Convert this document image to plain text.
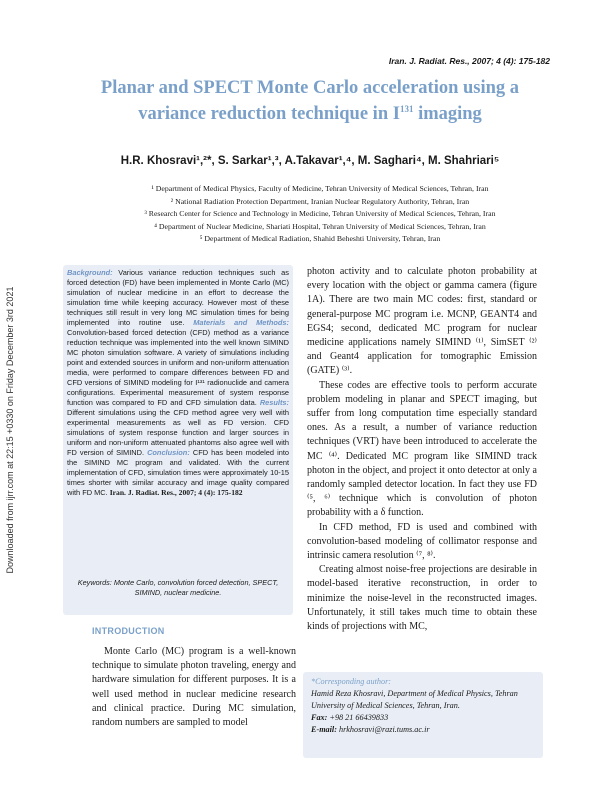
Iran. J. Radiat. Res., 2007; 4 (4): 175-182
Downloaded from ijrr.com at 22:15 +0330 on Friday December 3rd 2021
Planar and SPECT Monte Carlo acceleration using a variance reduction technique in $I^{131}$ imaging
H.R. Khosravi¹,²*, S. Sarkar¹,³, A.Takavar¹,⁴, M. Saghari⁴, M. Shahriari⁵
¹ Department of Medical Physics, Faculty of Medicine, Tehran University of Medical Sciences, Tehran, Iran
² National Radiation Protection Department, Iranian Nuclear Regulatory Authority, Tehran, Iran
³ Research Center for Science and Technology in Medicine, Tehran University of Medical Sciences, Tehran, Iran
⁴ Department of Nuclear Medicine, Shariati Hospital, Tehran University of Medical Sciences, Tehran, Iran
⁵ Department of Medical Radiation, Shahid Beheshti University, Tehran, Iran
Background: Various variance reduction techniques such as forced detection (FD) have been implemented in Monte Carlo (MC) simulation of nuclear medicine in an effort to decrease the simulation time while keeping accuracy. However most of these techniques still result in very long MC simulation times for being implemented into routine use. Materials and Methods: Convolution-based forced detection (CFD) method as a variance reduction technique was implemented into the well known SIMIND MC photon simulation software. A variety of simulations including point and extended sources in uniform and non-uniform attenuation media, were performed to compare differences between FD and CFD versions of SIMIND modeling for I¹³¹ radionuclide and camera configurations. Experimental measurement of system response function was compared to FD and CFD simulation data. Results: Different simulations using the CFD method agree very well with experimental measurements as well as FD version. CFD simulations of system response function and larger sources in uniform and non-uniform attenuated phantoms also agree well with FD version of SIMIND. Conclusion: CFD has been modeled into the SIMIND MC program and validated. With the current implementation of CFD, simulation times were approximately 10-15 times shorter with similar accuracy and image quality compared with FD MC. Iran. J. Radiat. Res., 2007; 4 (4): 175-182
Keywords: Monte Carlo, convolution forced detection, SPECT, SIMIND, nuclear medicine.
INTRODUCTION

Monte Carlo (MC) program is a well-known technique to simulate photon traveling, energy and hardware simulation for different purposes. It is a well used method in nuclear medicine research and clinical practice. During MC simulation, random numbers are sampled to model

photon activity and to calculate photon probability at every location with the object or gamma camera (figure 1A). There are two main MC codes: first, standard or general-purpose MC program i.e. MCNP, GEANT4 and EGS4; second, dedicated MC program for nuclear medicine applications namely SIMIND ⁽¹⁾, SimSET ⁽²⁾ and Geant4 application for tomographic Emission (GATE) ⁽³⁾.

These codes are effective tools to perform accurate problem modeling in planar and SPECT imaging, but suffer from long computation time especially standard ones. As a result, a number of variance reduction techniques (VRT) have been introduced to accelerate the MC ⁽⁴⁾. Dedicated MC program like SIMIND track photon in the object, and project it onto detector at only a randomly sampled detector location. In fact they use FD ⁽⁵, ⁶⁾ technique which is convolution of photon probability with a δ function.

In CFD method, FD is used and combined with convolution-based modeling of collimator response and intrinsic camera resolution ⁽⁷, ⁸⁾.

Creating almost noise-free projections are desirable in model-based iterative reconstruction, in order to minimize the noise-level in the reconstructed images. Unfortunately, it still takes much time to obtain these kinds of projections with MC,

*Corresponding author:
Hamid Reza Khosravi, Department of Medical Physics, Tehran University of Medical Sciences, Tehran, Iran.
Fax: +98 21 66439833
E-mail: hrkhosravi@razi.tums.ac.ir
